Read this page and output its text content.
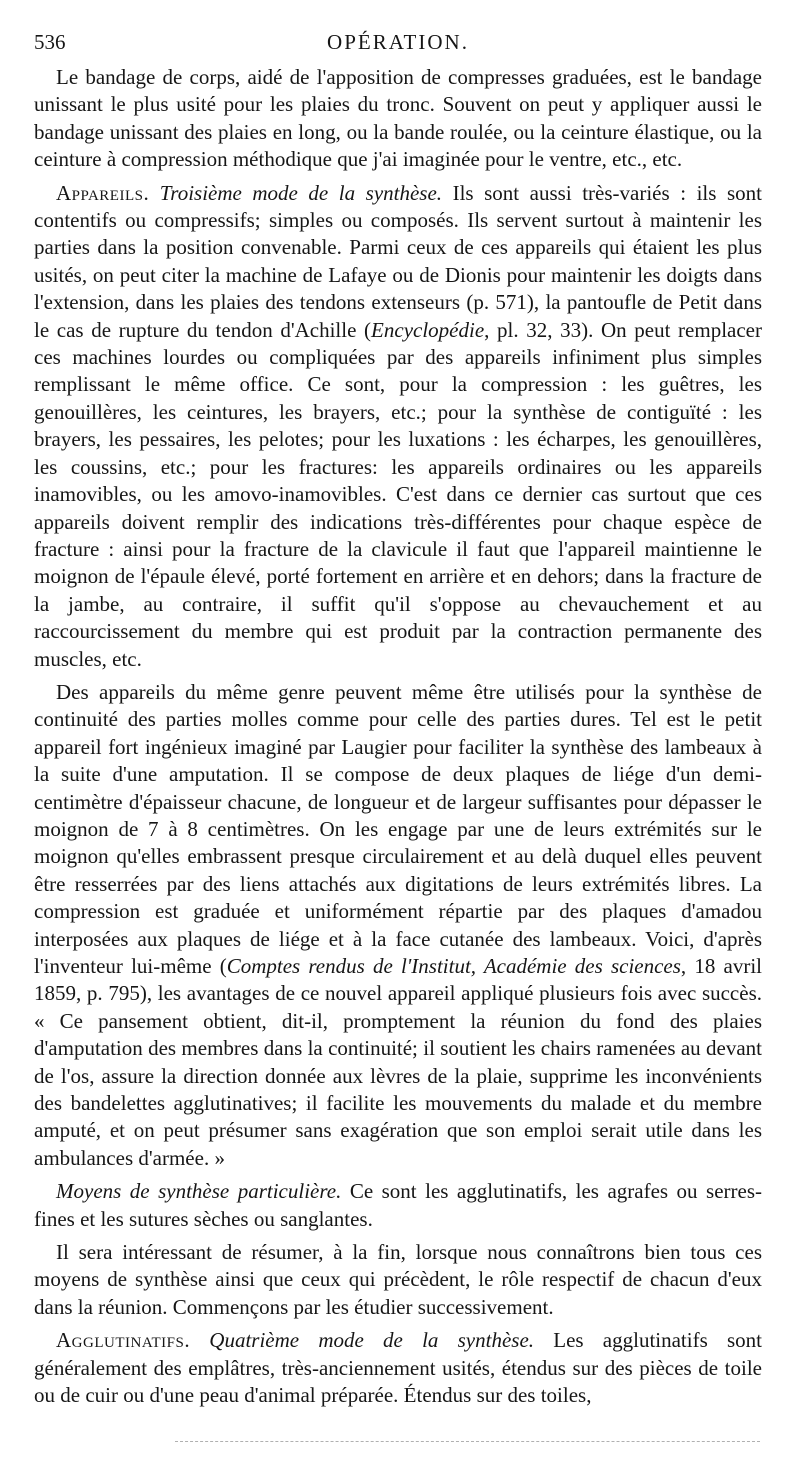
536	OPÉRATION.

Le bandage de corps, aidé de l'apposition de compresses graduées, est le bandage unissant le plus usité pour les plaies du tronc. Souvent on peut y appliquer aussi le bandage unissant des plaies en long, ou la bande roulée, ou la ceinture élastique, ou la ceinture à compression méthodique que j'ai imaginée pour le ventre, etc., etc.

Appareils. Troisième mode de la synthèse. Ils sont aussi très-variés : ils sont contentifs ou compressifs; simples ou composés. Ils servent surtout à maintenir les parties dans la position convenable. Parmi ceux de ces appareils qui étaient les plus usités, on peut citer la machine de Lafaye ou de Dionis pour maintenir les doigts dans l'extension, dans les plaies des tendons extenseurs (p. 571), la pantoufle de Petit dans le cas de rupture du tendon d'Achille (Encyclopédie, pl. 32, 33). On peut remplacer ces machines lourdes ou compliquées par des appareils infiniment plus simples remplissant le même office. Ce sont, pour la compression : les guêtres, les genouillères, les ceintures, les brayers, etc.; pour la synthèse de contiguïté : les brayers, les pessaires, les pelotes; pour les luxations : les écharpes, les genouillères, les coussins, etc.; pour les fractures: les appareils ordinaires ou les appareils inamovibles, ou les amovo-inamovibles. C'est dans ce dernier cas surtout que ces appareils doivent remplir des indications très-différentes pour chaque espèce de fracture : ainsi pour la fracture de la clavicule il faut que l'appareil maintienne le moignon de l'épaule élevé, porté fortement en arrière et en dehors; dans la fracture de la jambe, au contraire, il suffit qu'il s'oppose au chevauchement et au raccourcissement du membre qui est produit par la contraction permanente des muscles, etc.

Des appareils du même genre peuvent même être utilisés pour la synthèse de continuité des parties molles comme pour celle des parties dures. Tel est le petit appareil fort ingénieux imaginé par Laugier pour faciliter la synthèse des lambeaux à la suite d'une amputation. Il se compose de deux plaques de liége d'un demi-centimètre d'épaisseur chacune, de longueur et de largeur suffisantes pour dépasser le moignon de 7 à 8 centimètres. On les engage par une de leurs extrémités sur le moignon qu'elles embrassent presque circulairement et au delà duquel elles peuvent être resserrées par des liens attachés aux digitations de leurs extrémités libres. La compression est graduée et uniformément répartie par des plaques d'amadou interposées aux plaques de liége et à la face cutanée des lambeaux. Voici, d'après l'inventeur lui-même (Comptes rendus de l'Institut, Académie des sciences, 18 avril 1859, p. 795), les avantages de ce nouvel appareil appliqué plusieurs fois avec succès. « Ce pansement obtient, dit-il, promptement la réunion du fond des plaies d'amputation des membres dans la continuité; il soutient les chairs ramenées au devant de l'os, assure la direction donnée aux lèvres de la plaie, supprime les inconvénients des bandelettes agglutinatives; il facilite les mouvements du malade et du membre amputé, et on peut présumer sans exagération que son emploi serait utile dans les ambulances d'armée. »

Moyens de synthèse particulière. Ce sont les agglutinatifs, les agrafes ou serres-fines et les sutures sèches ou sanglantes.

Il sera intéressant de résumer, à la fin, lorsque nous connaîtrons bien tous ces moyens de synthèse ainsi que ceux qui précèdent, le rôle respectif de chacun d'eux dans la réunion. Commençons par les étudier successivement.

Agglutinatifs. Quatrième mode de la synthèse. Les agglutinatifs sont généralement des emplâtres, très-anciennement usités, étendus sur des pièces de toile ou de cuir ou d'une peau d'animal préparée. Étendus sur des toiles,
